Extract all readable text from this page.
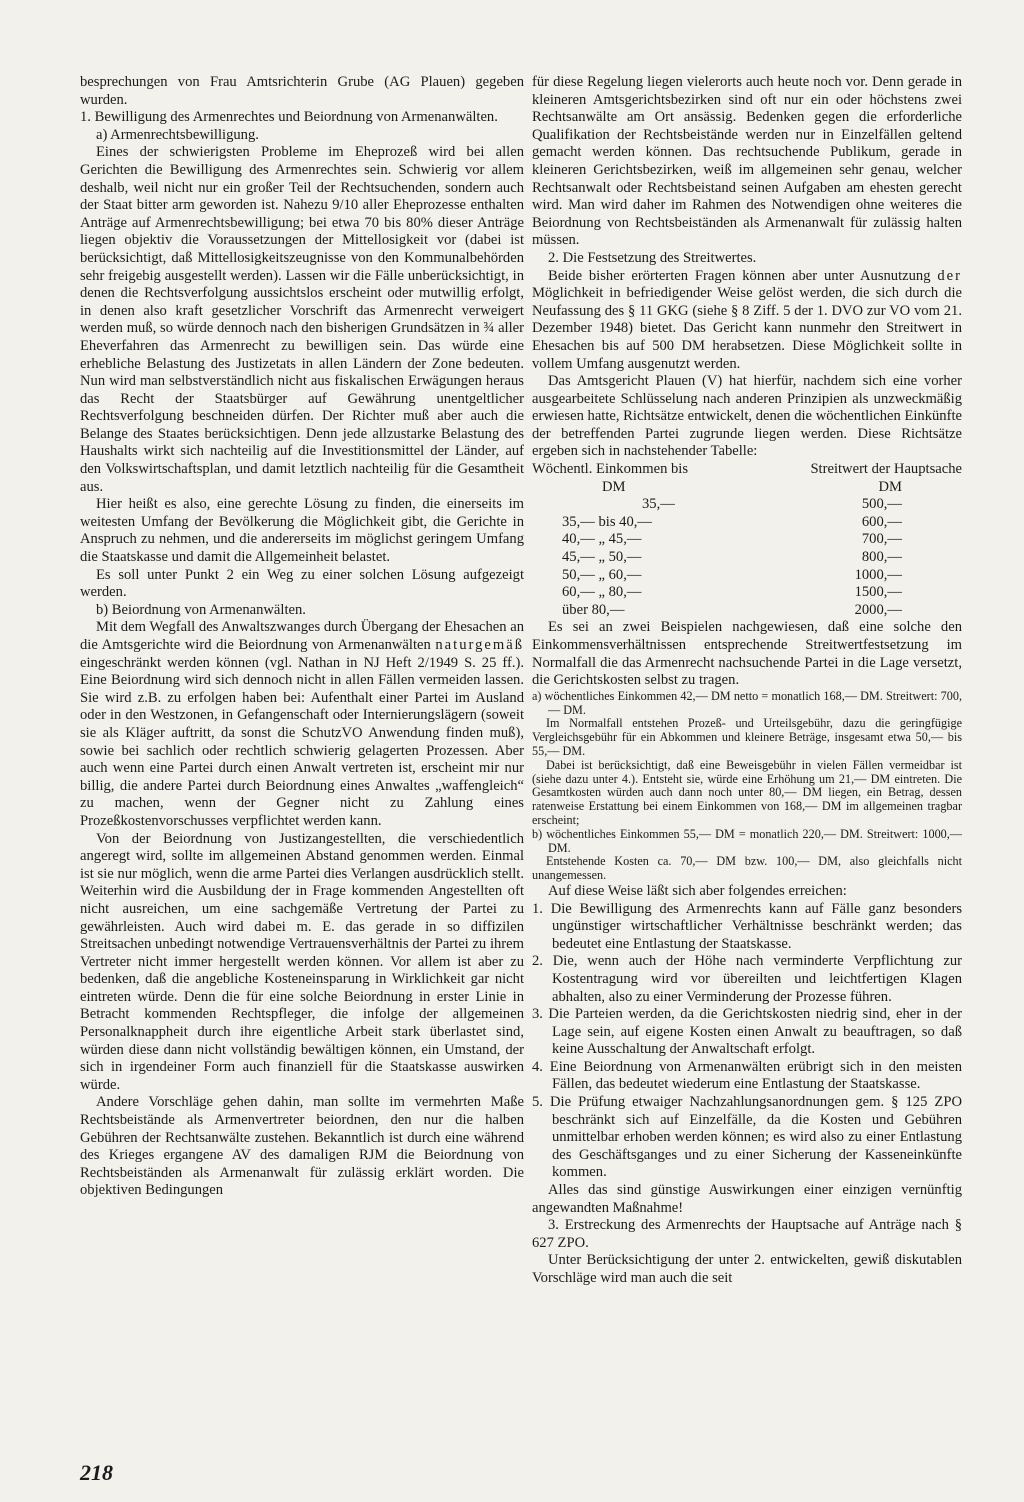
besprechungen von Frau Amtsrichterin Grube (AG Plauen) gegeben wurden.

1. Bewilligung des Armenrechtes und Beiordnung von Armenanwälten.

a) Armenrechtsbewilligung.

Eines der schwierigsten Probleme im Eheprozeß wird bei allen Gerichten die Bewilligung des Armenrechtes sein. Schwierig vor allem deshalb, weil nicht nur ein großer Teil der Rechtsuchenden, sondern auch der Staat bitter arm geworden ist. Nahezu 9/10 aller Eheprozesse enthalten Anträge auf Armenrechtsbewilligung; bei etwa 70 bis 80% dieser Anträge liegen objektiv die Voraussetzungen der Mittellosigkeit vor (dabei ist berücksichtigt, daß Mittellosigkeitszeugnisse von den Kommunalbehörden sehr freigebig ausgestellt werden). Lassen wir die Fälle unberücksichtigt, in denen die Rechtsverfolgung aussichtslos erscheint oder mutwillig erfolgt, in denen also kraft gesetzlicher Vorschrift das Armenrecht verweigert werden muß, so würde dennoch nach den bisherigen Grundsätzen in ¾ aller Eheverfahren das Armenrecht zu bewilligen sein. Das würde eine erhebliche Belastung des Justizetats in allen Ländern der Zone bedeuten. Nun wird man selbstverständlich nicht aus fiskalischen Erwägungen heraus das Recht der Staatsbürger auf Gewährung unentgeltlicher Rechtsverfolgung beschneiden dürfen. Der Richter muß aber auch die Belange des Staates berücksichtigen. Denn jede allzustarke Belastung des Haushalts wirkt sich nachteilig auf die Investitionsmittel der Länder, auf den Volkswirtschaftsplan, und damit letztlich nachteilig für die Gesamtheit aus.

Hier heißt es also, eine gerechte Lösung zu finden, die einerseits im weitesten Umfang der Bevölkerung die Möglichkeit gibt, die Gerichte in Anspruch zu nehmen, und die andererseits im möglichst geringem Umfang die Staatskasse und damit die Allgemeinheit belastet.

Es soll unter Punkt 2 ein Weg zu einer solchen Lösung aufgezeigt werden.

b) Beiordnung von Armenanwälten.

Mit dem Wegfall des Anwaltszwanges durch Übergang der Ehesachen an die Amtsgerichte wird die Beiordnung von Armenanwälten naturgemäß eingeschränkt werden können (vgl. Nathan in NJ Heft 2/1949 S. 25 ff.). Eine Beiordnung wird sich dennoch nicht in allen Fällen vermeiden lassen. Sie wird z.B. zu erfolgen haben bei: Aufenthalt einer Partei im Ausland oder in den Westzonen, in Gefangenschaft oder Internierungslägern (soweit sie als Kläger auftritt, da sonst die SchutzVO Anwendung finden muß), sowie bei sachlich oder rechtlich schwierig gelagerten Prozessen. Aber auch wenn eine Partei durch einen Anwalt vertreten ist, erscheint mir nur billig, die andere Partei durch Beiordnung eines Anwaltes „waffengleich“ zu machen, wenn der Gegner nicht zu Zahlung eines Prozeßkostenvorschusses verpflichtet werden kann.

Von der Beiordnung von Justizangestellten, die verschiedentlich angeregt wird, sollte im allgemeinen Abstand genommen werden. Einmal ist sie nur möglich, wenn die arme Partei dies Verlangen ausdrücklich stellt. Weiterhin wird die Ausbildung der in Frage kommenden Angestellten oft nicht ausreichen, um eine sachgemäße Vertretung der Partei zu gewährleisten. Auch wird dabei m. E. das gerade in so diffizilen Streitsachen unbedingt notwendige Vertrauensverhältnis der Partei zu ihrem Vertreter nicht immer hergestellt werden können. Vor allem ist aber zu bedenken, daß die angebliche Kosteneinsparung in Wirklichkeit gar nicht eintreten würde. Denn die für eine solche Beiordnung in erster Linie in Betracht kommenden Rechtspfleger, die infolge der allgemeinen Personalknappheit durch ihre eigentliche Arbeit stark überlastet sind, würden diese dann nicht vollständig bewältigen können, ein Umstand, der sich in irgendeiner Form auch finanziell für die Staatskasse auswirken würde.

Andere Vorschläge gehen dahin, man sollte im vermehrten Maße Rechtsbeistände als Armenvertreter beiordnen, den nur die halben Gebühren der Rechtsanwälte zustehen. Bekanntlich ist durch eine während des Krieges ergangene AV des damaligen RJM die Beiordnung von Rechtsbeiständen als Armenanwalt für zulässig erklärt worden. Die objektiven Bedingungen

für diese Regelung liegen vielerorts auch heute noch vor. Denn gerade in kleineren Amtsgerichtsbezirken sind oft nur ein oder höchstens zwei Rechtsanwälte am Ort ansässig. Bedenken gegen die erforderliche Qualifikation der Rechtsbeistände werden nur in Einzelfällen geltend gemacht werden können. Das rechtsuchende Publikum, gerade in kleineren Gerichtsbezirken, weiß im allgemeinen sehr genau, welcher Rechtsanwalt oder Rechtsbeistand seinen Aufgaben am ehesten gerecht wird. Man wird daher im Rahmen des Notwendigen ohne weiteres die Beiordnung von Rechtsbeiständen als Armenanwalt für zulässig halten müssen.

2. Die Festsetzung des Streitwertes.

Beide bisher erörterten Fragen können aber unter Ausnutzung der Möglichkeit in befriedigender Weise gelöst werden, die sich durch die Neufassung des § 11 GKG (siehe § 8 Ziff. 5 der 1. DVO zur VO vom 21. Dezember 1948) bietet. Das Gericht kann nunmehr den Streitwert in Ehesachen bis auf 500 DM herabsetzen. Diese Möglichkeit sollte in vollem Umfang ausgenutzt werden.

Das Amtsgericht Plauen (V) hat hierfür, nachdem sich eine vorher ausgearbeitete Schlüsselung nach anderen Prinzipien als unzweckmäßig erwiesen hatte, Richtsätze entwickelt, denen die wöchentlichen Einkünfte der betreffenden Partei zugrunde liegen werden. Diese Richtsätze ergeben sich in nachstehender Tabelle:

Wöchentl. Einkommen bis	Streitwert der Hauptsache
DM	DM
35,—	500,—
35,— bis 40,—	600,—
40,— „ 45,—	700,—
45,— „ 50,—	800,—
50,— „ 60,—	1000,—
60,— „ 80,—	1500,—
über 80,—	2000,—

Es sei an zwei Beispielen nachgewiesen, daß eine solche den Einkommensverhältnissen entsprechende Streitwertfestsetzung im Normalfall die das Armenrecht nachsuchende Partei in die Lage versetzt, die Gerichtskosten selbst zu tragen.

a) wöchentliches Einkommen 42,— DM netto = monatlich 168,— DM. Streitwert: 700,— DM.

Im Normalfall entstehen Prozeß- und Urteilsgebühr, dazu die geringfügige Vergleichsgebühr für ein Abkommen und kleinere Beträge, insgesamt etwa 50,— bis 55,— DM.

Dabei ist berücksichtigt, daß eine Beweisgebühr in vielen Fällen vermeidbar ist (siehe dazu unter 4.). Entsteht sie, würde eine Erhöhung um 21,— DM eintreten. Die Gesamtkosten würden auch dann noch unter 80,— DM liegen, ein Betrag, dessen ratenweise Erstattung bei einem Einkommen von 168,— DM im allgemeinen tragbar erscheint;

b) wöchentliches Einkommen 55,— DM = monatlich 220,— DM. Streitwert: 1000,— DM.

Entstehende Kosten ca. 70,— DM bzw. 100,— DM, also gleichfalls nicht unangemessen.

Auf diese Weise läßt sich aber folgendes erreichen:

1. Die Bewilligung des Armenrechts kann auf Fälle ganz besonders ungünstiger wirtschaftlicher Verhältnisse beschränkt werden; das bedeutet eine Entlastung der Staatskasse.

2. Die, wenn auch der Höhe nach verminderte Verpflichtung zur Kostentragung wird vor übereilten und leichtfertigen Klagen abhalten, also zu einer Verminderung der Prozesse führen.

3. Die Parteien werden, da die Gerichtskosten niedrig sind, eher in der Lage sein, auf eigene Kosten einen Anwalt zu beauftragen, so daß keine Ausschaltung der Anwaltschaft erfolgt.

4. Eine Beiordnung von Armenanwälten erübrigt sich in den meisten Fällen, das bedeutet wiederum eine Entlastung der Staatskasse.

5. Die Prüfung etwaiger Nachzahlungsanordnungen gem. § 125 ZPO beschränkt sich auf Einzelfälle, da die Kosten und Gebühren unmittelbar erhoben werden können; es wird also zu einer Entlastung des Geschäftsganges und zu einer Sicherung der Kasseneinkünfte kommen.

Alles das sind günstige Auswirkungen einer einzigen vernünftig angewandten Maßnahme!

3. Erstreckung des Armenrechts der Hauptsache auf Anträge nach § 627 ZPO.

Unter Berücksichtigung der unter 2. entwickelten, gewiß diskutablen Vorschläge wird man auch die seit

218
